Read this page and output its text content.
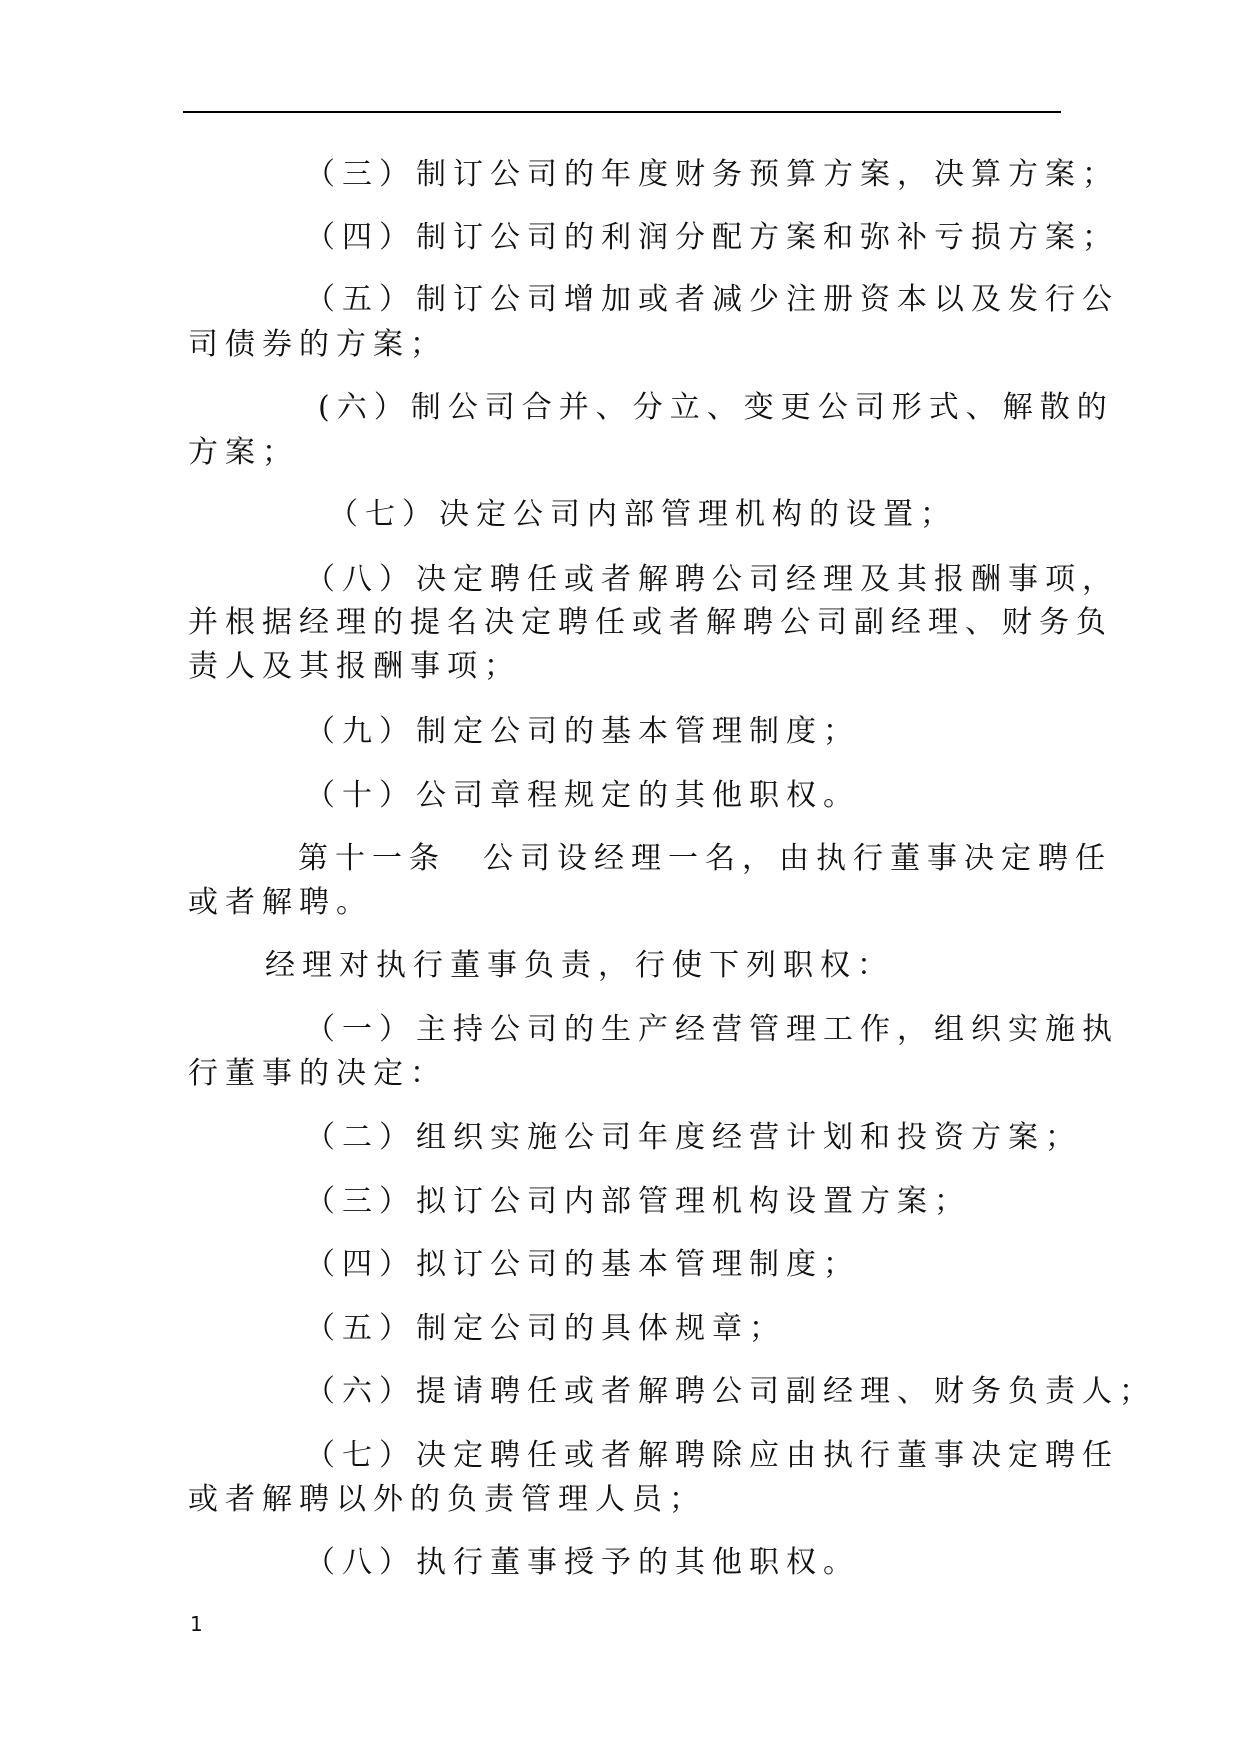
（三）制订公司的年度财务预算方案，决算方案；
（四）制订公司的利润分配方案和弥补亏损方案；
（五）制订公司增加或者减少注册资本以及发行公
司债券的方案；
(六）制公司合并、分立、变更公司形式、解散的
方案；
（七）决定公司内部管理机构的设置；
（八）决定聘任或者解聘公司经理及其报酬事项，
并根据经理的提名决定聘任或者解聘公司副经理、财务负
责人及其报酬事项；
（九）制定公司的基本管理制度；
（十）公司章程规定的其他职权。
第十一条　公司设经理一名，由执行董事决定聘任
或者解聘。
经理对执行董事负责，行使下列职权：
（一）主持公司的生产经营管理工作，组织实施执
行董事的决定：
（二）组织实施公司年度经营计划和投资方案；
（三）拟订公司内部管理机构设置方案；
（四）拟订公司的基本管理制度；
（五）制定公司的具体规章；
（六）提请聘任或者解聘公司副经理、财务负责人；
（七）决定聘任或者解聘除应由执行董事决定聘任
或者解聘以外的负责管理人员；
（八）执行董事授予的其他职权。
1
